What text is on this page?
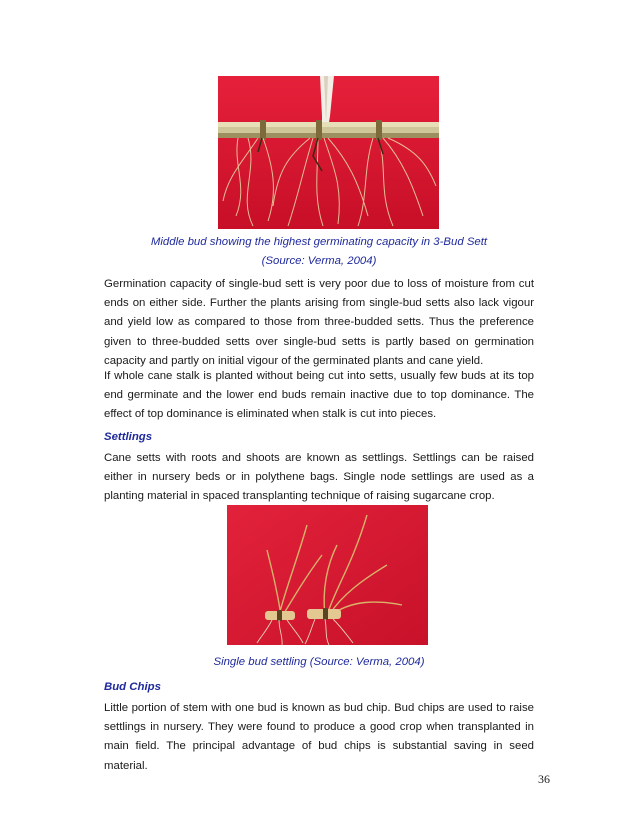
Middle bud showing the highest germinating capacity in 3-Bud Sett
(Source: Verma, 2004)

Germination capacity of single-bud sett is very poor due to loss of moisture from cut ends on either side. Further the plants arising from single-bud setts also lack vigour and yield low as compared to those from three-budded setts. Thus the preference given to three-budded setts over single-bud setts is partly based on germination capacity and partly on initial vigour of the germinated plants and cane yield.

If whole cane stalk is planted without being cut into setts, usually few buds at its top end germinate and the lower end buds remain inactive due to top dominance. The effect of top dominance is eliminated when stalk is cut into pieces.

Settlings

Cane setts with roots and shoots are known as settlings. Settlings can be raised either in nursery beds or in polythene bags. Single node settlings are used as a planting material in spaced transplanting technique of raising sugarcane crop.

Single bud settling (Source: Verma, 2004)
Bud Chips

Little portion of stem with one bud is known as bud chip. Bud chips are used to raise settlings in nursery. They were found to produce a good crop when transplanted in main field. The principal advantage of bud chips is substantial saving in seed material.

36
